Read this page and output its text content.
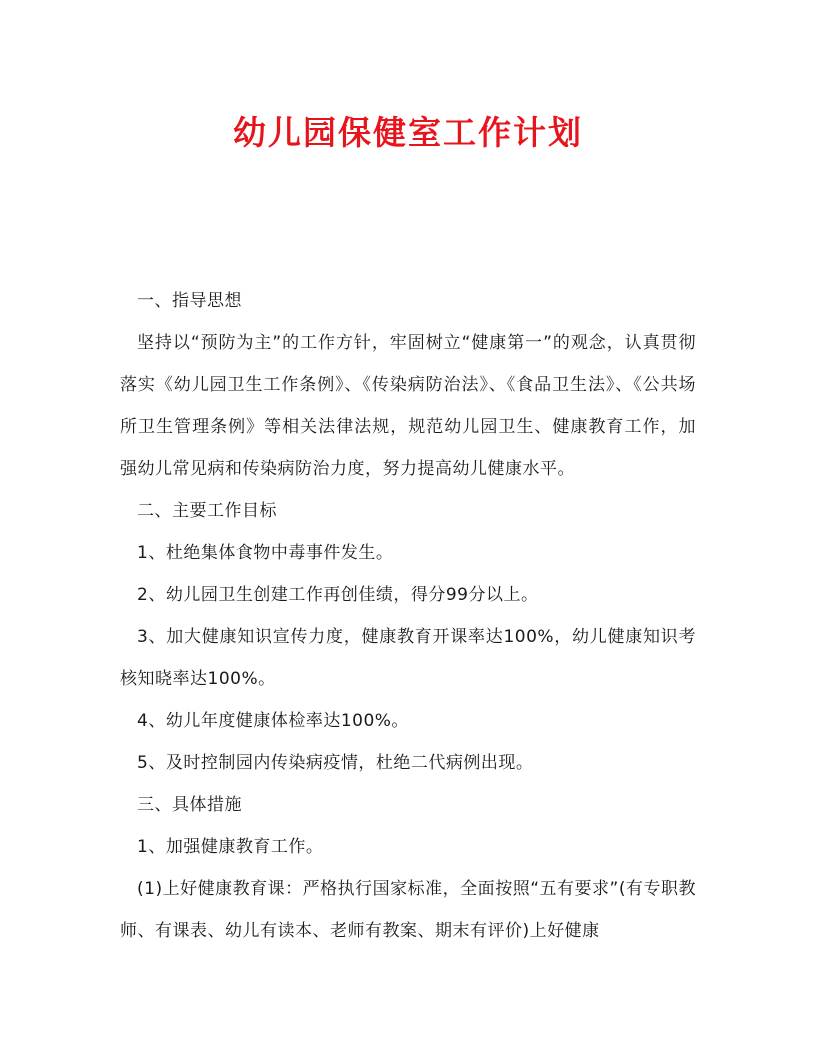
幼儿园保健室工作计划

一、指导思想

坚持以“预防为主”的工作方针，牢固树立“健康第一”的观念，认真贯彻落实《幼儿园卫生工作条例》、《传染病防治法》、《食品卫生法》、《公共场所卫生管理条例》等相关法律法规，规范幼儿园卫生、健康教育工作，加强幼儿常见病和传染病防治力度，努力提高幼儿健康水平。

二、主要工作目标

1、杜绝集体食物中毒事件发生。

2、幼儿园卫生创建工作再创佳绩，得分99分以上。

3、加大健康知识宣传力度，健康教育开课率达100%，幼儿健康知识考核知晓率达100%。

4、幼儿年度健康体检率达100%。

5、及时控制园内传染病疫情，杜绝二代病例出现。

三、具体措施

1、加强健康教育工作。

(1)上好健康教育课：严格执行国家标准，全面按照“五有要求”(有专职教师、有课表、幼儿有读本、老师有教案、期末有评价)上好健康
